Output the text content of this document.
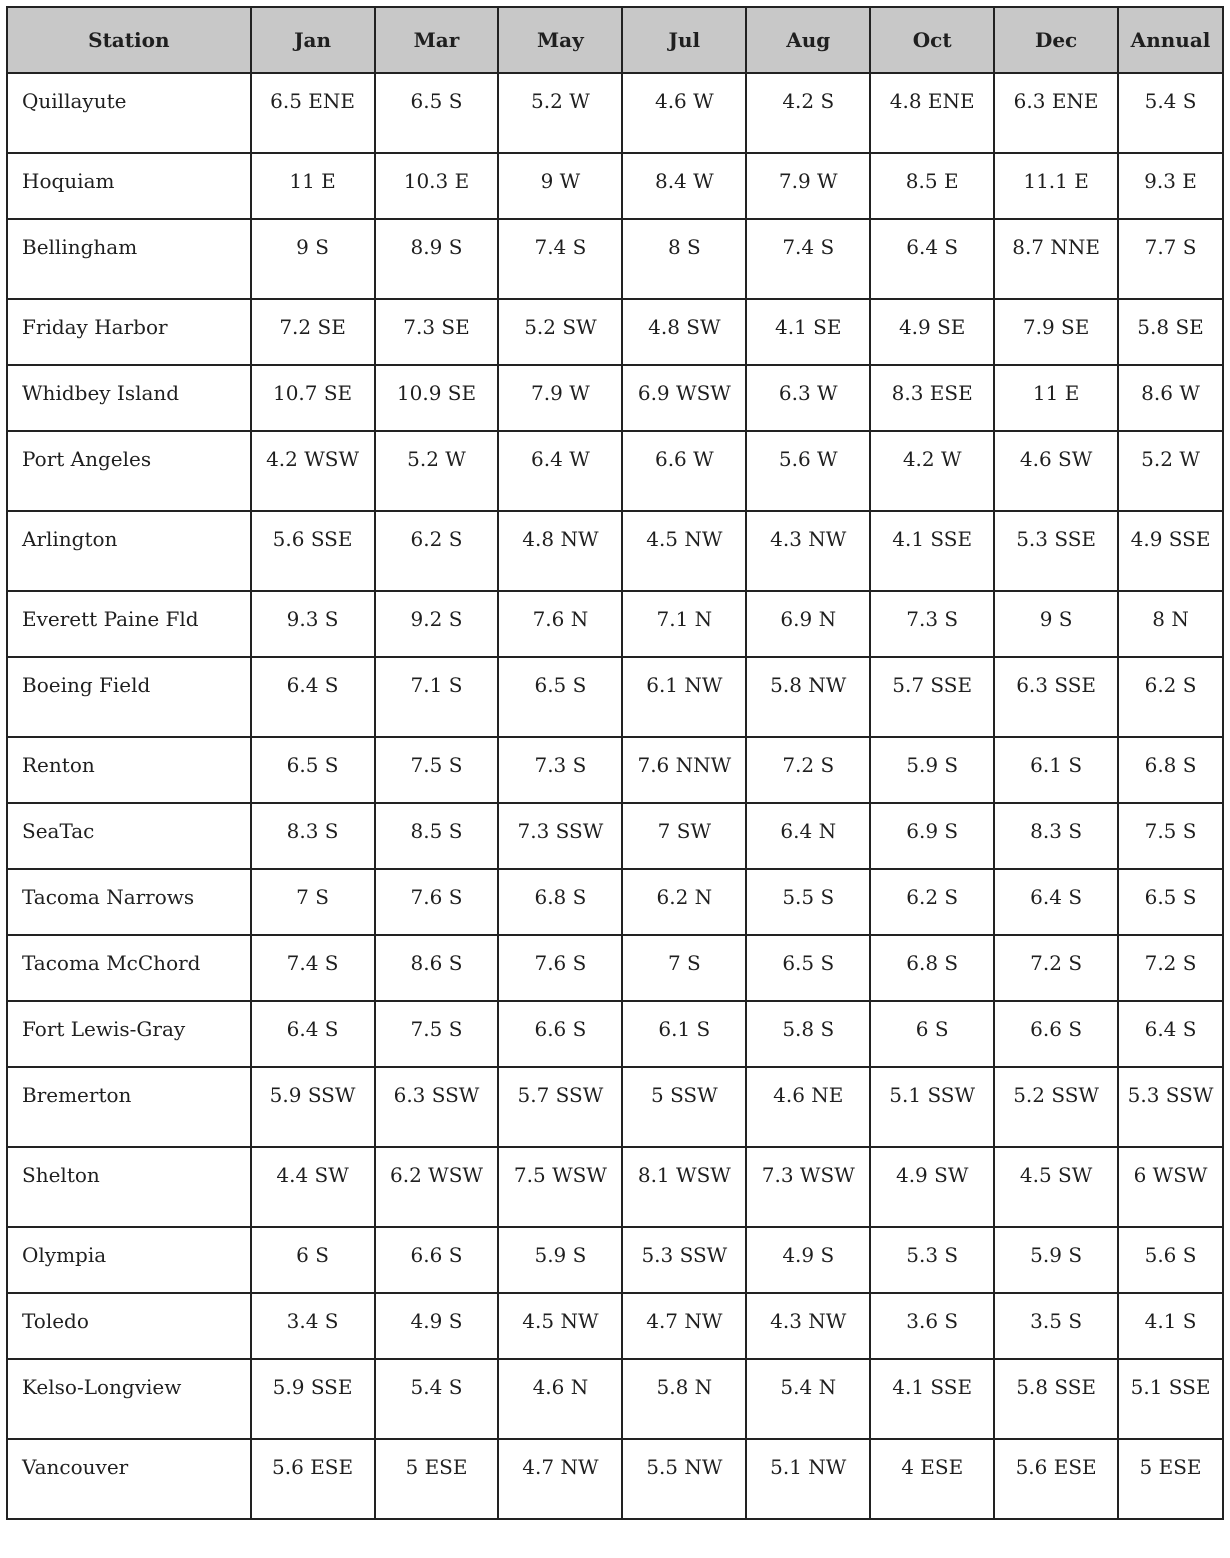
Station	Jan	Mar	May	Jul	Aug	Oct	Dec	Annual
Quillayute	6.5 ENE	6.5 S	5.2 W	4.6 W	4.2 S	4.8 ENE	6.3 ENE	5.4 S
Hoquiam	11 E	10.3 E	9 W	8.4 W	7.9 W	8.5 E	11.1 E	9.3 E
Bellingham	9 S	8.9 S	7.4 S	8 S	7.4 S	6.4 S	8.7 NNE	7.7 S
Friday Harbor	7.2 SE	7.3 SE	5.2 SW	4.8 SW	4.1 SE	4.9 SE	7.9 SE	5.8 SE
Whidbey Island	10.7 SE	10.9 SE	7.9 W	6.9 WSW	6.3 W	8.3 ESE	11 E	8.6 W
Port Angeles	4.2 WSW	5.2 W	6.4 W	6.6 W	5.6 W	4.2 W	4.6 SW	5.2 W
Arlington	5.6 SSE	6.2 S	4.8 NW	4.5 NW	4.3 NW	4.1 SSE	5.3 SSE	4.9 SSE
Everett Paine Fld	9.3 S	9.2 S	7.6 N	7.1 N	6.9 N	7.3 S	9 S	8 N
Boeing Field	6.4 S	7.1 S	6.5 S	6.1 NW	5.8 NW	5.7 SSE	6.3 SSE	6.2 S
Renton	6.5 S	7.5 S	7.3 S	7.6 NNW	7.2 S	5.9 S	6.1 S	6.8 S
SeaTac	8.3 S	8.5 S	7.3 SSW	7 SW	6.4 N	6.9 S	8.3 S	7.5 S
Tacoma Narrows	7 S	7.6 S	6.8 S	6.2 N	5.5 S	6.2 S	6.4 S	6.5 S
Tacoma McChord	7.4 S	8.6 S	7.6 S	7 S	6.5 S	6.8 S	7.2 S	7.2 S
Fort Lewis-Gray	6.4 S	7.5 S	6.6 S	6.1 S	5.8 S	6 S	6.6 S	6.4 S
Bremerton	5.9 SSW	6.3 SSW	5.7 SSW	5 SSW	4.6 NE	5.1 SSW	5.2 SSW	5.3 SSW
Shelton	4.4 SW	6.2 WSW	7.5 WSW	8.1 WSW	7.3 WSW	4.9 SW	4.5 SW	6 WSW
Olympia	6 S	6.6 S	5.9 S	5.3 SSW	4.9 S	5.3 S	5.9 S	5.6 S
Toledo	3.4 S	4.9 S	4.5 NW	4.7 NW	4.3 NW	3.6 S	3.5 S	4.1 S
Kelso-Longview	5.9 SSE	5.4 S	4.6 N	5.8 N	5.4 N	4.1 SSE	5.8 SSE	5.1 SSE
Vancouver	5.6 ESE	5 ESE	4.7 NW	5.5 NW	5.1 NW	4 ESE	5.6 ESE	5 ESE
